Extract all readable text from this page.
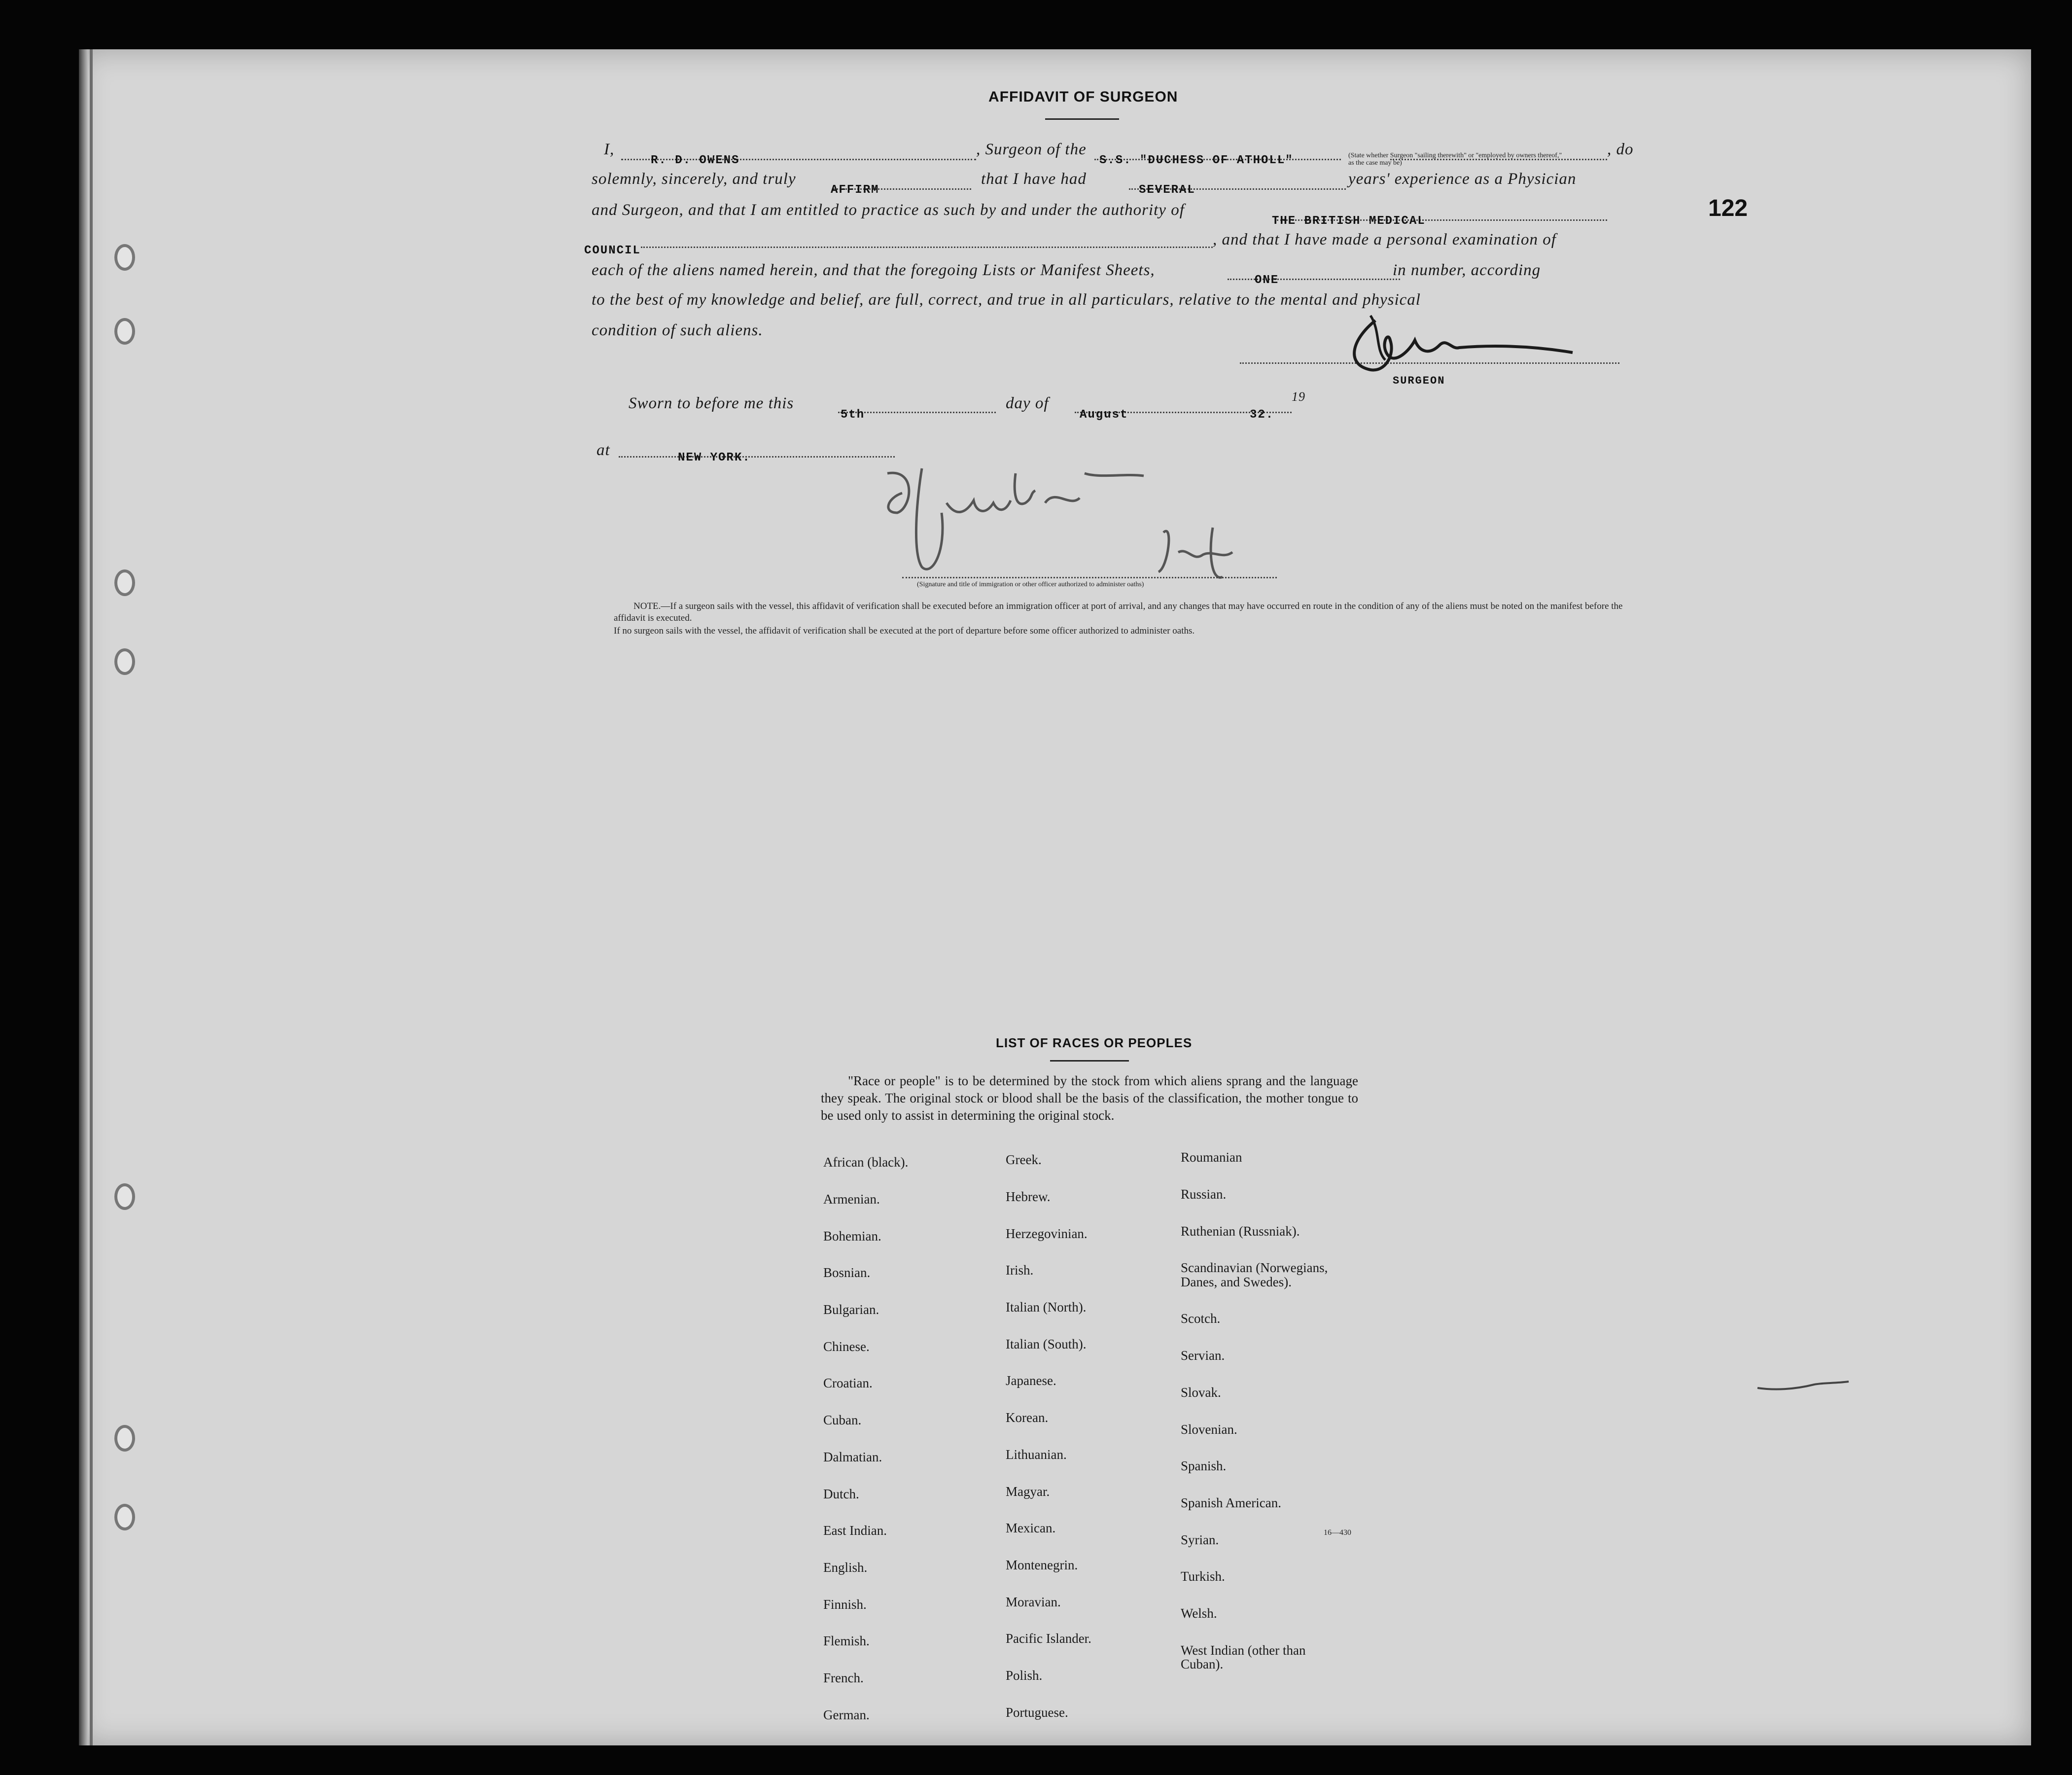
AFFIDAVIT OF SURGEON
I,
R. D. OWENS
, Surgeon of the
S.S. "DUCHESS OF ATHOLL"	(State whether Surgeon "sailing therewith" or "employed by owners thereof," as the case may be)
, do
solemnly, sincerely, and truly
AFFIRM
that I have had
SEVERAL
years' experience as a Physician
and Surgeon, and that I am entitled to practice as such by and under the authority of
THE BRITISH MEDICAL	122
COUNCIL
, and that I have made a personal examination of
each of the aliens named herein, and that the foregoing Lists or Manifest Sheets,
ONE
in number, according
to the best of my knowledge and belief, are full, correct, and true in all particulars, relative to the mental and physical
condition of such aliens.
SURGEON
Sworn to before me this
5th
day of
August
19
32.
at	NEW YORK.
(Signature and title of immigration or other officer authorized to administer oaths)
NOTE.—If a surgeon sails with the vessel, this affidavit of verification shall be executed before an immigration officer at port of arrival, and any changes that may have occurred en route in the condition of any of the aliens must be noted on the manifest before the affidavit is executed.
If no surgeon sails with the vessel, the affidavit of verification shall be executed at the port of departure before some officer authorized to administer oaths.
LIST OF RACES OR PEOPLES
"Race or people" is to be determined by the stock from which aliens sprang and the language they speak. The original stock or blood shall be the basis of the classification, the mother tongue to be used only to assist in determining the original stock.

African (black).

Armenian.

Bohemian.

Bosnian.

Bulgarian.

Chinese.

Croatian.

Cuban.

Dalmatian.

Dutch.

East Indian.

English.

Finnish.

Flemish.

French.

German.

Greek.

Hebrew.

Herzegovinian.

Irish.

Italian (North).

Italian (South).

Japanese.

Korean.

Lithuanian.

Magyar.

Mexican.

Montenegrin.

Moravian.

Pacific Islander.

Polish.

Portuguese.

Roumanian

Russian.

Ruthenian (Russniak).

Scandinavian (Norwegians,
Danes, and Swedes).

Scotch.

Servian.

Slovak.

Slovenian.

Spanish.

Spanish American.

Syrian.

Turkish.

Welsh.

West Indian (other than
Cuban).

16—430
